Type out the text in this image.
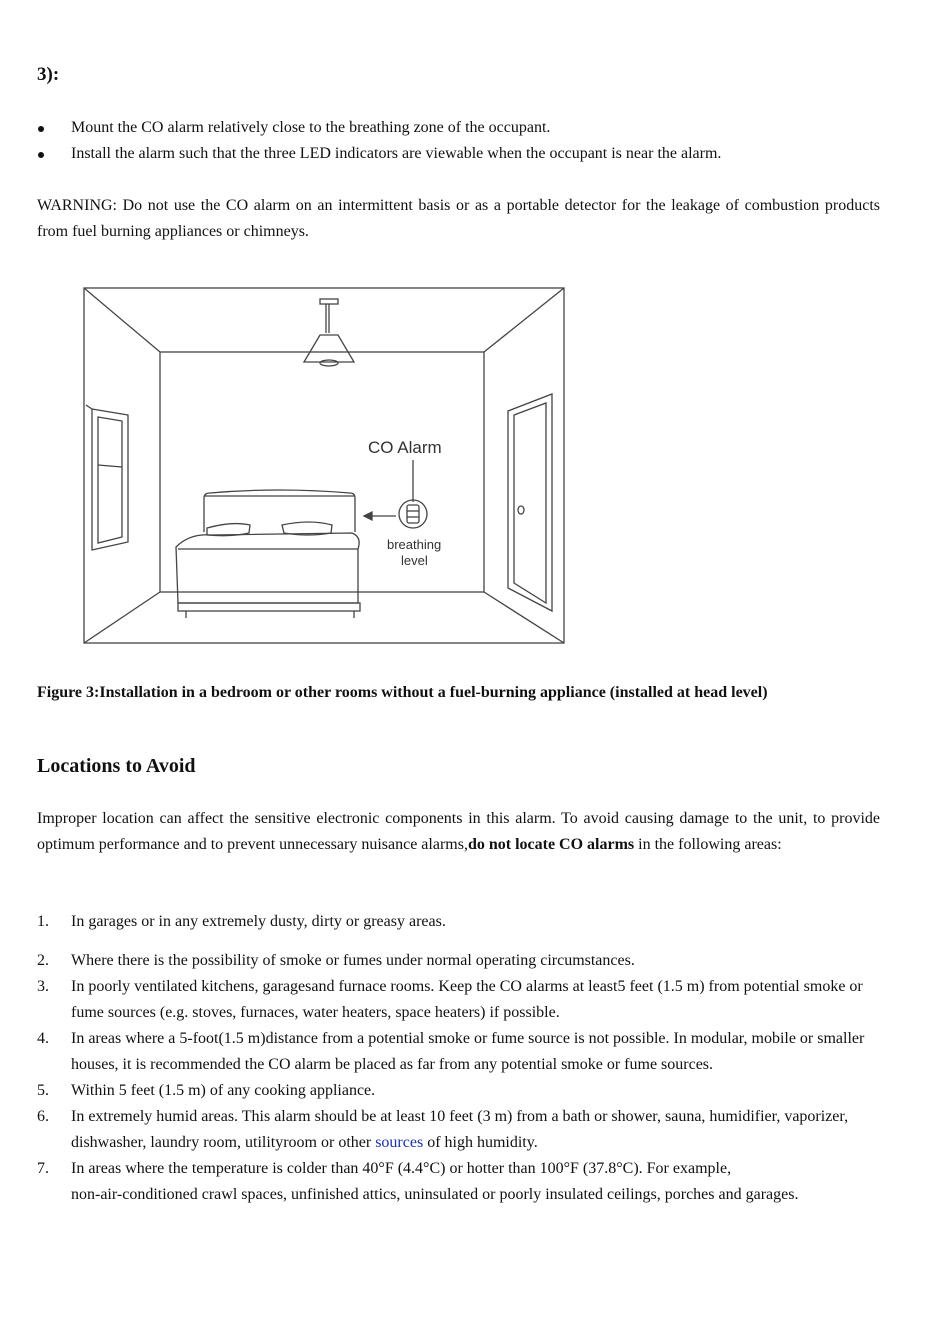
3):
Mount the CO alarm relatively close to the breathing zone of the occupant.
Install the alarm such that the three LED indicators are viewable when the occupant is near the alarm.

WARNING: Do not use the CO alarm on an intermittent basis or as a portable detector for the leakage of combustion products from fuel burning appliances or chimneys.

CO Alarm
breathing
level
Figure 3:Installation in a bedroom or other rooms without a fuel-burning appliance (installed at head level)
Locations to Avoid

Improper location can affect the sensitive electronic components in this alarm. To avoid causing damage to the unit, to provide optimum performance and to prevent unnecessary nuisance alarms,do not locate CO alarms in the following areas:

1. In garages or in any extremely dusty, dirty or greasy areas.
2. Where there is the possibility of smoke or fumes under normal operating circumstances.
3. In poorly ventilated kitchens, garagesand furnace rooms. Keep the CO alarms at least5 feet (1.5 m) from potential smoke or fume sources (e.g. stoves, furnaces, water heaters, space heaters) if possible.
4. In areas where a 5-foot(1.5 m)distance from a potential smoke or fume source is not possible. In modular, mobile or smaller houses, it is recommended the CO alarm be placed as far from any potential smoke or fume sources.
5. Within 5 feet (1.5 m) of any cooking appliance.
6. In extremely humid areas. This alarm should be at least 10 feet (3 m) from a bath or shower, sauna, humidifier, vaporizer, dishwasher, laundry room, utilityroom or other sources of high humidity.
7. In areas where the temperature is colder than 40°F (4.4°C) or hotter than 100°F (37.8°C). For example,
non-air-conditioned crawl spaces, unfinished attics, uninsulated or poorly insulated ceilings, porches and garages.
